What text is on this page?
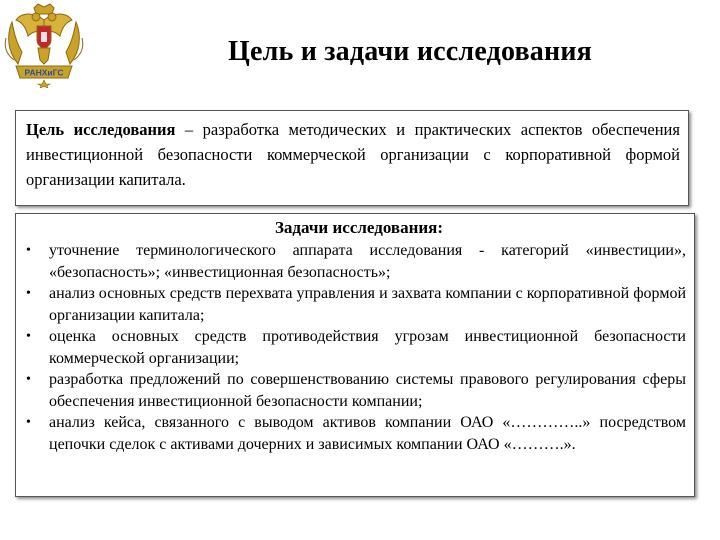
РАНХиГС
Цель и задачи исследования
Цель исследования – разработка методических и практических аспектов обеспечения инвестиционной безопасности коммерческой организации с корпоративной формой организации капитала.
Задачи исследования:
• уточнение терминологического аппарата исследования - категорий «инвестиции», «безопасность»; «инвестиционная безопасность»;
• анализ основных средств перехвата управления и захвата компании с корпоративной формой организации капитала;
• оценка основных средств противодействия угрозам инвестиционной безопасности коммерческой организации;
• разработка предложений по совершенствованию системы правового регулирования сферы обеспечения инвестиционной безопасности компании;
• анализ кейса, связанного с выводом активов компании ОАО «…………..» посредством цепочки сделок с активами дочерних и зависимых компании ОАО «……….».
